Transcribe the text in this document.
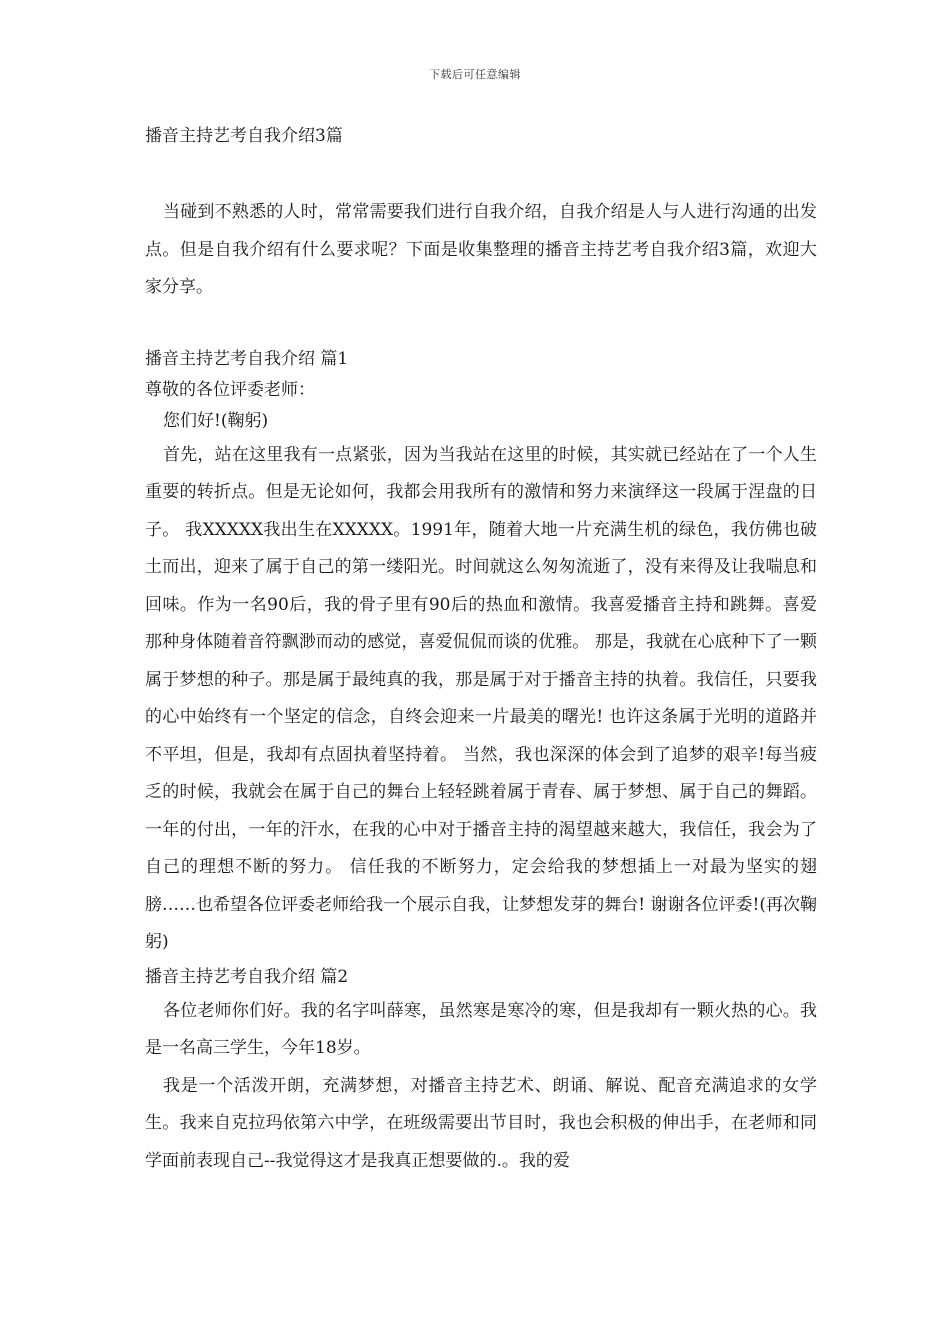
下载后可任意编辑
播音主持艺考自我介绍3篇

当碰到不熟悉的人时，常常需要我们进行自我介绍，自我介绍是人与人进行沟通的出发点。但是自我介绍有什么要求呢？下面是收集整理的播音主持艺考自我介绍3篇，欢迎大家分享。

播音主持艺考自我介绍 篇1

尊敬的各位评委老师：

您们好!(鞠躬)

首先，站在这里我有一点紧张，因为当我站在这里的时候，其实就已经站在了一个人生重要的转折点。但是无论如何，我都会用我所有的激情和努力来演绎这一段属于涅盘的日子。 我XXXXX我出生在XXXXX。1991年，随着大地一片充满生机的绿色，我仿佛也破土而出，迎来了属于自己的第一缕阳光。时间就这么匆匆流逝了，没有来得及让我喘息和回味。作为一名90后，我的骨子里有90后的热血和激情。我喜爱播音主持和跳舞。喜爱那种身体随着音符飘渺而动的感觉，喜爱侃侃而谈的优雅。 那是，我就在心底种下了一颗属于梦想的种子。那是属于最纯真的我，那是属于对于播音主持的执着。我信任，只要我的心中始终有一个坚定的信念，自终会迎来一片最美的曙光! 也许这条属于光明的道路并不平坦，但是，我却有点固执着坚持着。 当然，我也深深的体会到了追梦的艰辛!每当疲乏的时候，我就会在属于自己的舞台上轻轻跳着属于青春、属于梦想、属于自己的舞蹈。一年的付出，一年的汗水，在我的心中对于播音主持的渴望越来越大，我信任，我会为了自己的理想不断的努力。 信任我的不断努力，定会给我的梦想插上一对最为坚实的翅膀……也希望各位评委老师给我一个展示自我，让梦想发芽的舞台! 谢谢各位评委!(再次鞠躬)

播音主持艺考自我介绍 篇2

各位老师你们好。我的名字叫薛寒，虽然寒是寒冷的寒，但是我却有一颗火热的心。我是一名高三学生，今年18岁。

我是一个活泼开朗，充满梦想，对播音主持艺术、朗诵、解说、配音充满追求的女学生。我来自克拉玛依第六中学，在班级需要出节目时，我也会积极的伸出手，在老师和同学面前表现自己--我觉得这才是我真正想要做的.。我的爱
